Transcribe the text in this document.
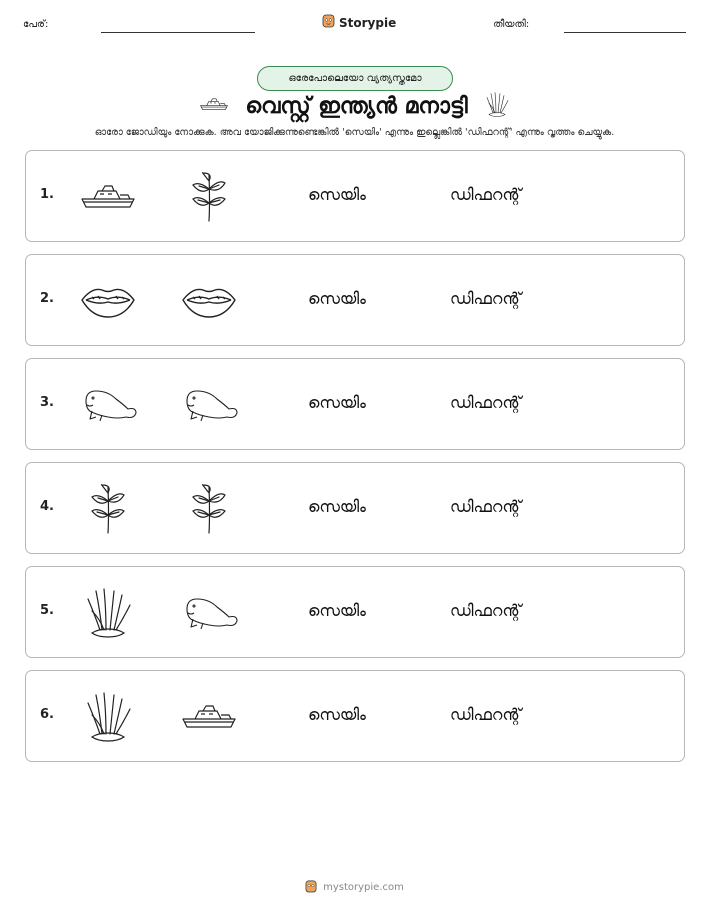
പേര്:	Storypie	തീയതി:
ഒരേപോലെയോ വ്യത്യസ്തമോ
വെസ്റ്റ് ഇന്ത്യൻ മനാട്ടി
ഓരോ ജോഡിയും നോക്കുക. അവ യോജിക്കുന്നുണ്ടെങ്കിൽ 'സെയിം' എന്നും ഇല്ലെങ്കിൽ 'ഡിഫറന്റ്' എന്നും വൃത്തം ചെയ്യുക.
1.	സെയിം	ഡിഫറന്റ്
2.	സെയിം	ഡിഫറന്റ്
3.	സെയിം	ഡിഫറന്റ്
4.	സെയിം	ഡിഫറന്റ്
5.	സെയിം	ഡിഫറന്റ്
6.	സെയിം	ഡിഫറന്റ്
mystorypie.com
